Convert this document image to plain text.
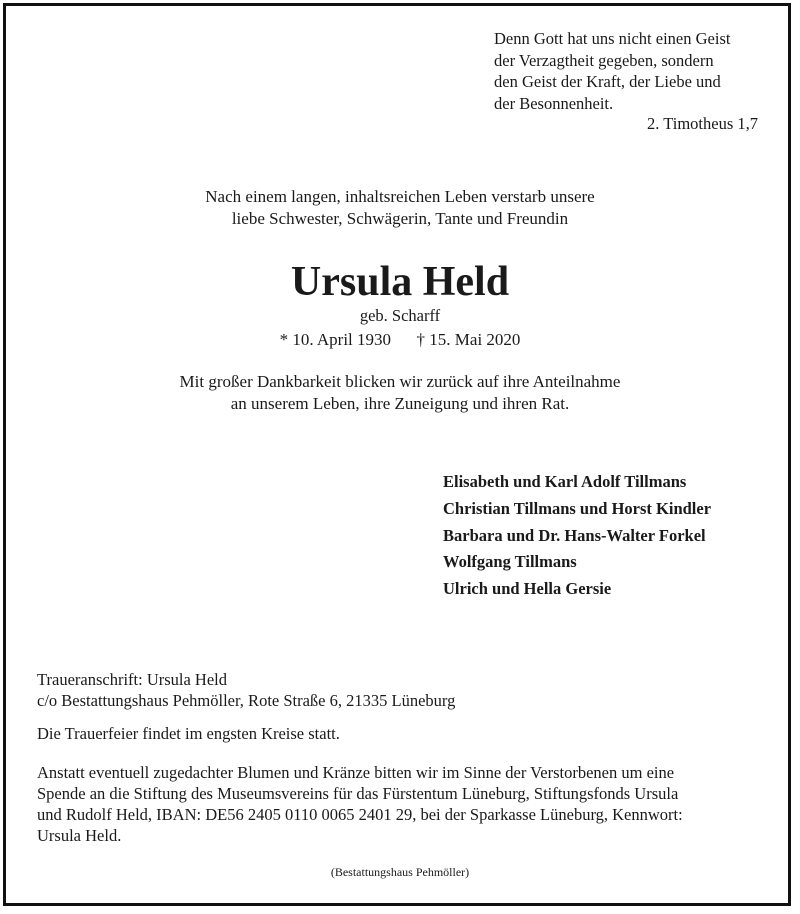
Denn Gott hat uns nicht einen Geist
der Verzagtheit gegeben, sondern
den Geist der Kraft, der Liebe und
der Besonnenheit.
2. Timotheus 1,7
Nach einem langen, inhaltsreichen Leben verstarb unsere
liebe Schwester, Schwägerin, Tante und Freundin
Ursula Held
geb. Scharff
* 10. April 1930 † 15. Mai 2020
Mit großer Dankbarkeit blicken wir zurück auf ihre Anteilnahme
an unserem Leben, ihre Zuneigung und ihren Rat.
Elisabeth und Karl Adolf Tillmans
Christian Tillmans und Horst Kindler
Barbara und Dr. Hans-Walter Forkel
Wolfgang Tillmans
Ulrich und Hella Gersie
Traueranschrift: Ursula Held
c/o Bestattungshaus Pehmöller, Rote Straße 6, 21335 Lüneburg
Die Trauerfeier findet im engsten Kreise statt.
Anstatt eventuell zugedachter Blumen und Kränze bitten wir im Sinne der Verstorbenen um eine
Spende an die Stiftung des Museumsvereins für das Fürstentum Lüneburg, Stiftungsfonds Ursula
und Rudolf Held, IBAN: DE56 2405 0110 0065 2401 29, bei der Sparkasse Lüneburg, Kennwort:
Ursula Held.
(Bestattungshaus Pehmöller)
